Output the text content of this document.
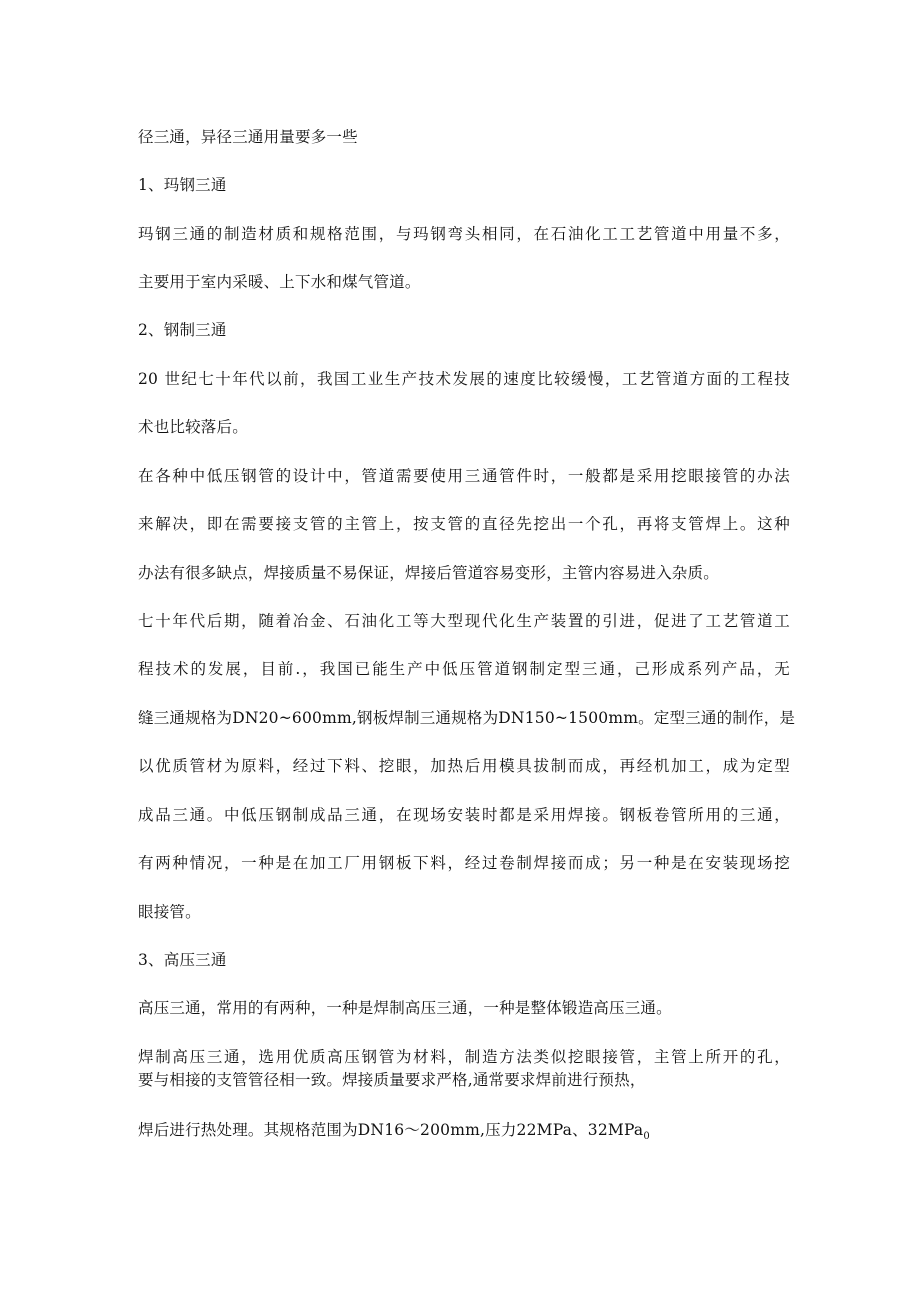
径三通，异径三通用量要多一些
1、玛钢三通
玛钢三通的制造材质和规格范围，与玛钢弯头相同，在石油化工工艺管道中用量不多，
主要用于室内采暖、上下水和煤气管道。
2、钢制三通
20 世纪七十年代以前，我国工业生产技术发展的速度比较缓慢，工艺管道方面的工程技
术也比较落后。
在各种中低压钢管的设计中，管道需要使用三通管件时，一般都是采用挖眼接管的办法
来解决，即在需要接支管的主管上，按支管的直径先挖出一个孔，再将支管焊上。这种
办法有很多缺点，焊接质量不易保证，焊接后管道容易变形，主管内容易进入杂质。
七十年代后期，随着冶金、石油化工等大型现代化生产装置的引进，促进了工艺管道工
程技术的发展，目前.，我国已能生产中低压管道钢制定型三通，己形成系列产品，无
缝三通规格为DN20~600mm,钢板焊制三通规格为DN150~1500mm。定型三通的制作，是
以优质管材为原料，经过下料、挖眼，加热后用模具拔制而成，再经机加工，成为定型
成品三通。中低压钢制成品三通，在现场安装时都是采用焊接。钢板卷管所用的三通，
有两种情况，一种是在加工厂用钢板下料，经过卷制焊接而成；另一种是在安装现场挖
眼接管。
3、高压三通
高压三通，常用的有两种，一种是焊制高压三通，一种是整体锻造高压三通。
焊制高压三通，选用优质高压钢管为材料，制造方法类似挖眼接管，主管上所开的孔，
要与相接的支管管径相一致。焊接质量要求严格,通常要求焊前进行预热，
焊后进行热处理。其规格范围为DN16～200mm,压力22MPa、32MPa$_0$
